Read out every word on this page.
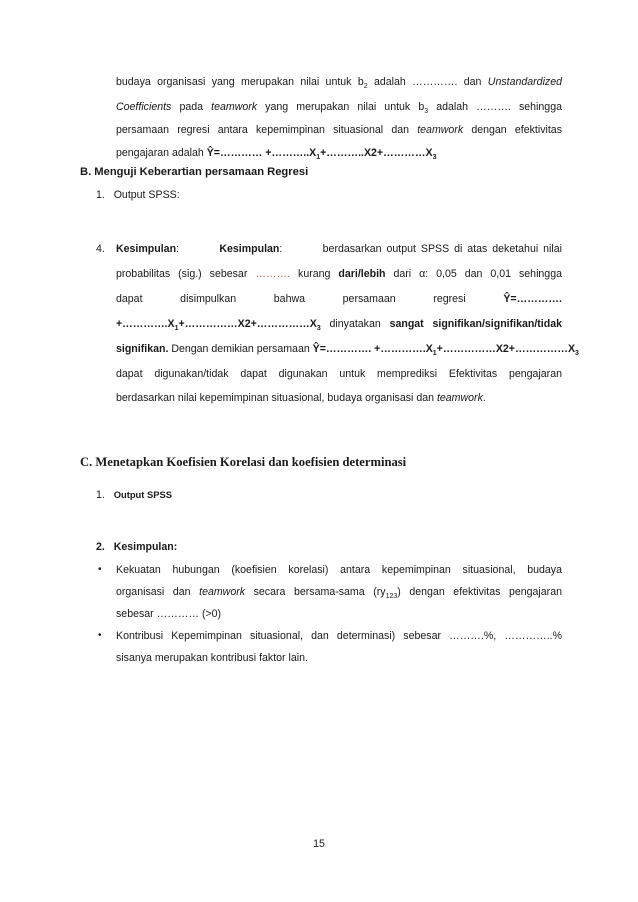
budaya organisasi yang merupakan nilai untuk $b_2$ adalah …………. dan Unstandardized
Coefficients pada teamwork yang merupakan nilai untuk $b_3$ adalah ………. sehingga
persamaan regresi antara kepemimpinan situasional dan teamwork dengan efektivitas
pengajaran adalah Ŷ=………… $+\dots\dots\dots..X_1+\dots\dots\dots..X2+\dots\dots\dots\dots X_3$
B. Menguji Keberartian persamaan Regresi
1. Output SPSS:
4. Kesimpulan:	Kesimpulan:	berdasarkan output SPSS di atas deketahui nilai
probabilitas (sig.) sebesar ………. kurang dari/lebih dari α: 0,05 dan 0,01 sehingga
dapat	disimpulkan	bahwa	persamaan	regresi	Ŷ=………….
$+\dots\dots\dots\dots.X_1+\dots\dots\dots\dots\dots X2+\dots\dots\dots\dots\dots X_3$ dinyatakan sangat signifikan/signifikan/tidak
signifikan. Dengan demikian persamaan Ŷ=…………. $+\dots\dots\dots\dots.X_1+\dots\dots\dots\dots\dots X2+\dots\dots\dots\dots\dots X_3$
dapat digunakan/tidak dapat digunakan untuk memprediksi Efektivitas pengajaran
berdasarkan nilai kepemimpinan situasional, budaya organisasi dan teamwork.
C. Menetapkan Koefisien Korelasi dan koefisien determinasi
1. Output SPSS
2. Kesimpulan:
• Kekuatan hubungan (koefisien korelasi) antara kepemimpinan situasional, budaya
organisasi dan teamwork secara bersama-sama $(ry_{123})$ dengan efektivitas pengajaran
sebesar ………… (>0)
• Kontribusi Kepemimpinan situasional, dan determinasi) sebesar ……….%, …………..%
sisanya merupakan kontribusi faktor lain.
15
